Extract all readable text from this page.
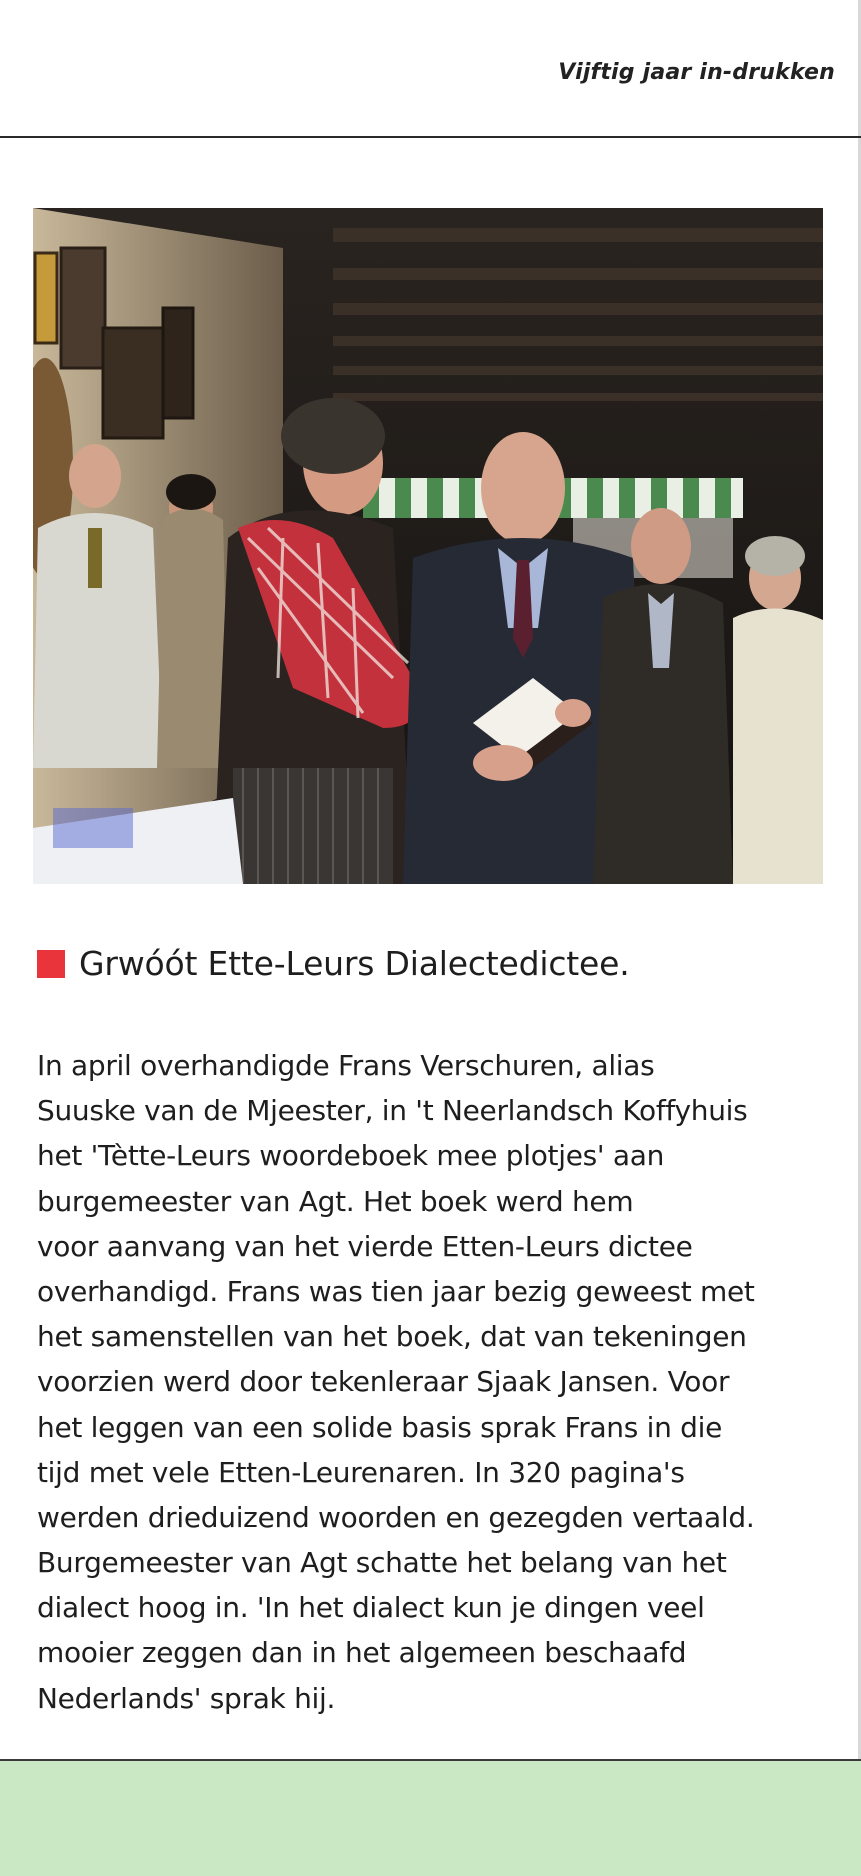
Vijftig jaar in-drukken
Grwóót Ette-Leurs Dialectedictee.
In april overhandigde Frans Verschuren, alias
Suuske van de Mjeester, in 't Neerlandsch Koffyhuis
het 'Tètte-Leurs woordeboek mee plotjes' aan
burgemeester van Agt. Het boek werd hem
voor aanvang van het vierde Etten-Leurs dictee
overhandigd. Frans was tien jaar bezig geweest met
het samenstellen van het boek, dat van tekeningen
voorzien werd door tekenleraar Sjaak Jansen. Voor
het leggen van een solide basis sprak Frans in die
tijd met vele Etten-Leurenaren. In 320 pagina's
werden drieduizend woorden en gezegden vertaald.
Burgemeester van Agt schatte het belang van het
dialect hoog in. 'In het dialect kun je dingen veel
mooier zeggen dan in het algemeen beschaafd
Nederlands' sprak hij.
